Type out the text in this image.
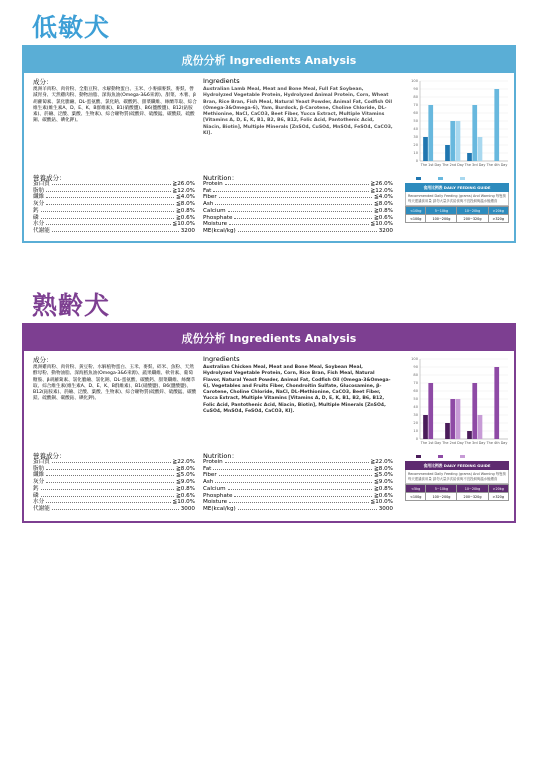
低敏犬
成份分析 Ingredients Analysis
成分：
澳洲羊肉粉、肉骨粉、全脂豆粉、水解動物蛋白、玉米、小麥細麥麩、麥麩、營減胃身、天然雞肉粉、動物油脂、深海魚油(Omega-3&6來源)、甜菜、木薯、β胡蘿蔔素、氯化膽鹼、DL-蛋氨酸、氯化鈉、碳酸鈣、甜菜纖維、絲蘭萃取、綜合維生素(維生素A、D、E、K、B群維素)、B1(硝酸鹽)、B6(鹽酸鹽)、B12(鈷胺素)、菸鹼、泛酸、葉酸、生物素)、綜合礦物質(硫酸鋅、硫酸錳、碳酸鎂、硫酸銅、碳酸鈷、碘化鉀)。
Ingredients
Australian Lamb Meal, Meat and Bone Meal, Full Fat Soybean, Hydrolyzed Vegetable Protein, Hydrolyzed Animal Protein, Corn, Wheat Bran, Rice Bran, Fish Meal, Natural Yeast Powder, Animal Fat, Codfish Oil (Omega-3&Omega-6), Yam, Burdock, β-Carotene, Choline Chloride, DL-Methionine, NaCl, CaCO3, Beet Fiber, Yucca Extract, Multiple Vitamins [Vitamins A, D, E, K, B1, B2, B6, B12, Folic Acid, Pantothenic Acid, Niacin, Biotin], Multiple Minerals [ZnSO4, CuSO4, MnSO4, FeSO4, CaCO3, KI].
營養成分：
蛋白質	≧26.0%
脂肪	≧12.0%
纖維	≦4.0%
灰分	≦8.0%
鈣	≧0.8%
磷	≧0.6%
水分	≦10.0%
代謝能	3200
Nutrition：
Protein	≧26.0%
Fat	≧12.0%
Fiber	≦4.0%
Ash	≦8.0%
Calcium	≧0.8%
Phosphate	≧0.6%
Moisture	≦10.0%
ME(kcal/kg)	3200
0
10
20
30
40
50
60
70
80
90
100
The 1st Day The 2nd Day The 3rd Day The 4th Day

食用比例表 DAILY FEEDING GUIDE
Recommended Daily Feeding (grams) And Warning 每隻狗每天建議食用量 請勿大量多次給食與不宜投飼與溫水後餵食
<10kg	5~10kg	10~20kg	>20kg
<100g	100~200g	200~320g	>320g
熟齡犬
成份分析 Ingredients Analysis
成分：
澳洲雞肉粉、肉骨粉、黃豆粉、水解植物蛋白、玉米、麥麩、碎米、魚粉、天然酵母粉、動物油脂、深海鱈魚油(Omega-3&6來源)、蔬果纖維、軟骨素、葡萄糖胺、β胡蘿蔔素、氯化膽鹼、氯化鈉、DL-蛋氨酸、碳酸鈣、甜菜纖維、絲蘭萃取、綜合維生素(維生素A、D、E、K、B群維素)、B1(硝酸鹽)、B6(鹽酸鹽)、B12(鈷胺素)、菸鹼、泛酸、葉酸、生物素)、綜合礦物質(硫酸鋅、硫酸錳、碳酸鎂、硫酸銅、碳酸鈷、碘化鉀)。
Ingredients
Australian Chicken Meal, Meat and Bone Meal, Soybean Meal, Hydrolyzed Vegetable Protein, Corn, Rice Bran, Fish Meal, Natural Flavor, Natural Yeast Powder, Animal Fat, Codfish Oil (Omega-3&Omega-6), Vegetables and Fruits Fiber, Chondroitin Sulfate, Glucosamine, β-Carotene, Choline Chloride, NaCl, DL-Methionine, CaCO3, Beet Fiber, Yucca Extract, Multiple Vitamins [Vitamins A, D, E, K, B1, B2, B6, B12, Folic Acid, Pantothenic Acid, Niacin, Biotin], Multiple Minerals [ZnSO4, CuSO4, MnSO4, FeSO4, CaCO3, KI].
營養成分：
蛋白質	≧22.0%
脂肪	≧8.0%
纖維	≦5.0%
灰分	≦9.0%
鈣	≧0.8%
磷	≧0.6%
水分	≦10.0%
代謝能	3000
Nutrition：
Protein	≧22.0%
Fat	≧8.0%
Fiber	≦5.0%
Ash	≦9.0%
Calcium	≧0.8%
Phosphate	≧0.6%
Moisture	≦10.0%
ME(kcal/kg)	3000
0
10
20
30
40
50
60
70
80
90
100
The 1st Day The 2nd Day The 3rd Day The 4th Day

食用比例表 DAILY FEEDING GUIDE
Recommended Daily Feeding (grams) And Warning 每隻狗每天建議食用量 請勿大量多次給食與不宜投飼與溫水後餵食
<5kg	5~10kg	10~20kg	>20kg
<100g	100~200g	200~320g	>320g
